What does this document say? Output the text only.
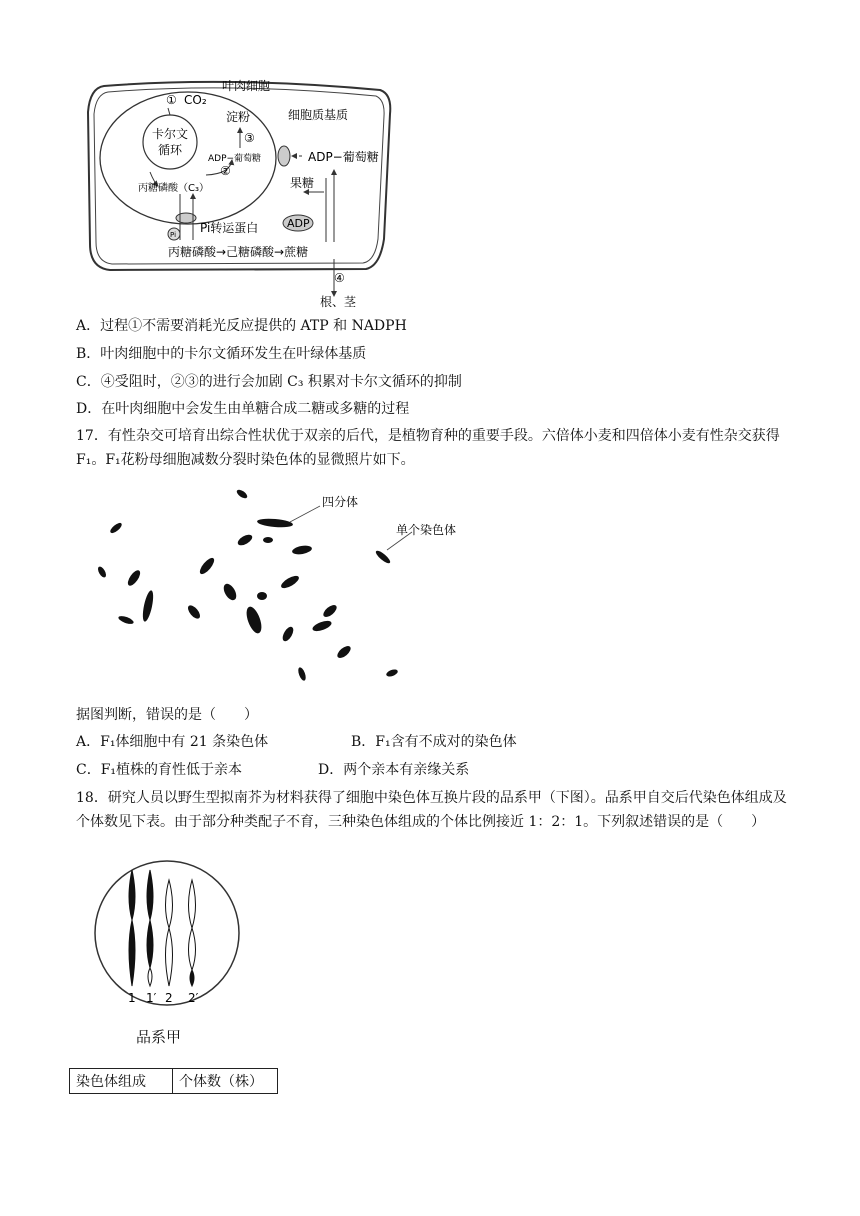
叶肉细胞
① CO₂
淀粉	细胞质基质
卡尔文
循环
③
ADP−葡萄糖	ADP−葡萄糖
②
果糖
丙糖磷酸（C₃）
ADP
Pi Pi转运蛋白
丙糖磷酸→己糖磷酸→蔗糖
④
根、茎
A．过程①不需要消耗光反应提供的 ATP 和 NADPH
B．叶肉细胞中的卡尔文循环发生在叶绿体基质
C．④受阻时，②③的进行会加剧 C₃ 积累对卡尔文循环的抑制
D．在叶肉细胞中会发生由单糖合成二糖或多糖的过程
17．有性杂交可培育出综合性状优于双亲的后代，是植物育种的重要手段。六倍体小麦和四倍体小麦有性杂交获得 F₁。F₁花粉母细胞减数分裂时染色体的显微照片如下。
四分体
单个染色体
据图判断，错误的是（　　）
A．F₁体细胞中有 21 条染色体	B．F₁含有不成对的染色体
C．F₁植株的育性低于亲本	D．两个亲本有亲缘关系
18．研究人员以野生型拟南芥为材料获得了细胞中染色体互换片段的品系甲（下图）。品系甲自交后代染色体组成及个体数见下表。由于部分种类配子不育，三种染色体组成的个体比例接近 1：2：1。下列叙述错误的是（　　）
1 1′ 2 2′
品系甲
染色体组成	个体数（株）
